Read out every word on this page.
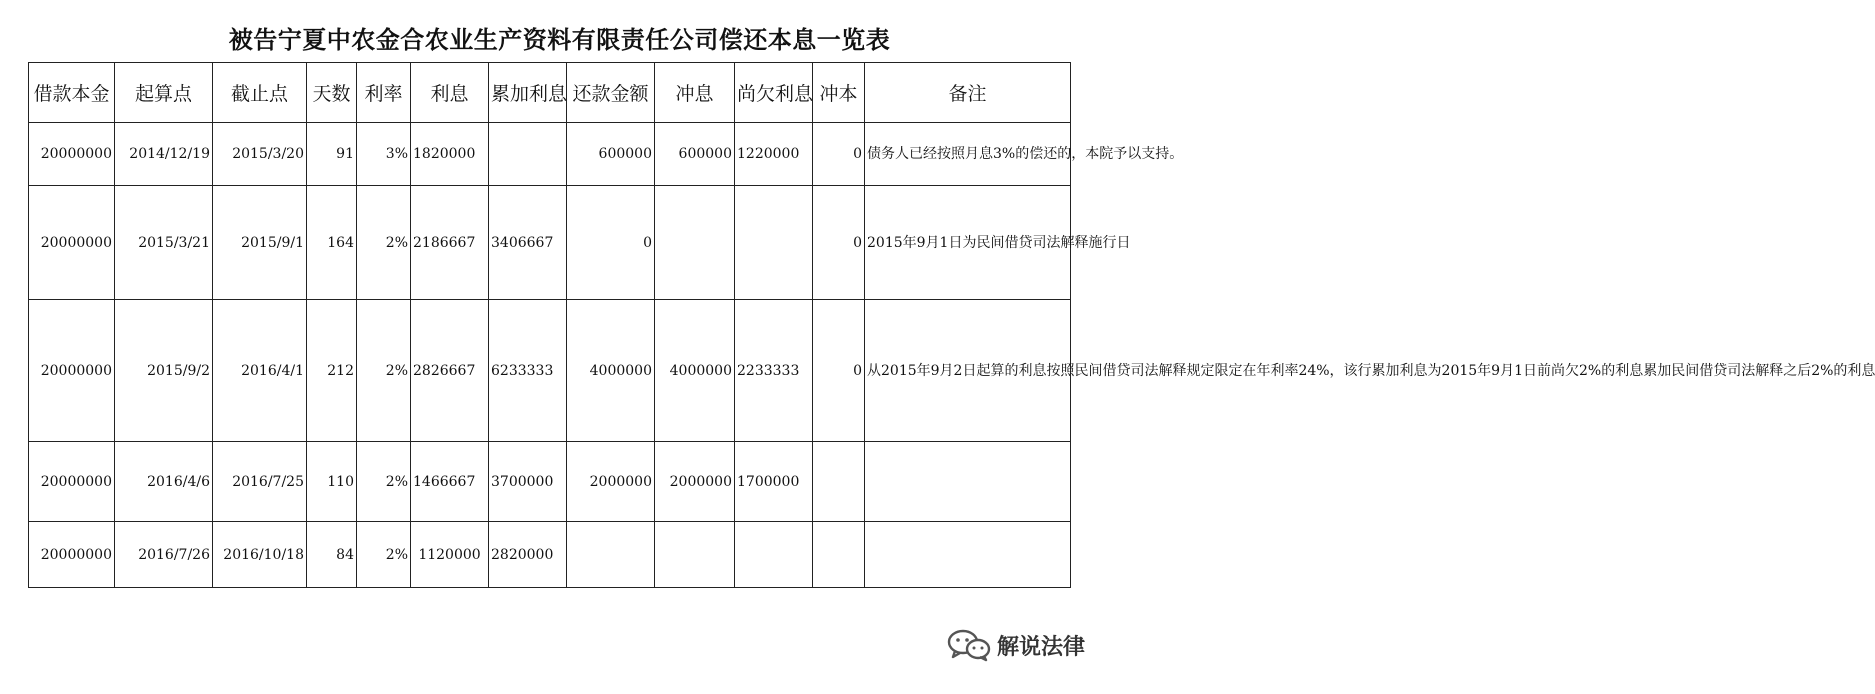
被告宁夏中农金合农业生产资料有限责任公司偿还本息一览表
借款本金	起算点	截止点	天数	利率	利息	累加利息	还款金额	冲息	尚欠利息	冲本	备注
20000000	2014/12/19	2015/3/20	91	3%	1820000		600000	600000	1220000	0	债务人已经按照月息3%的偿还的，本院予以支持。
20000000	2015/3/21	2015/9/1	164	2%	2186667	3406667	0			0	2015年9月1日为民间借贷司法解释施行日
20000000	2015/9/2	2016/4/1	212	2%	2826667	6233333	4000000	4000000	2233333	0	从2015年9月2日起算的利息按照民间借贷司法解释规定限定在年利率24%，该行累加利息为2015年9月1日前尚欠2%的利息累加民间借贷司法解释之后2%的利息
20000000	2016/4/6	2016/7/25	110	2%	1466667	3700000	2000000	2000000	1700000		
20000000	2016/7/26	2016/10/18	84	2%	1120000	2820000					
解说法律
